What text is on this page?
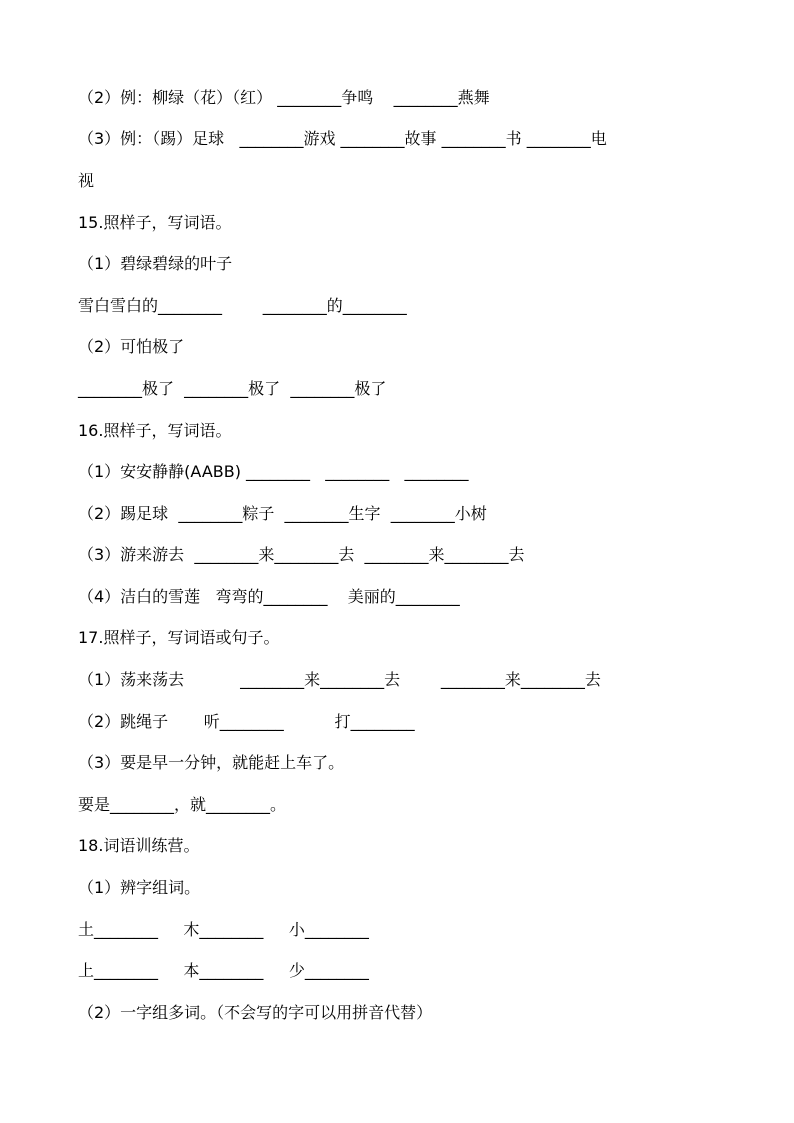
（2）例：柳绿（花）（红） ________争鸣    ________燕舞
（3）例：（踢）足球   ________游戏 ________故事 ________书 ________电
视
15.照样子，写词语。
（1）碧绿碧绿的叶子
雪白雪白的________        ________的________
（2）可怕极了
________极了  ________极了  ________极了
16.照样子，写词语。
（1）安安静静(AABB) ________   ________   ________
（2）踢足球  ________粽子  ________生字  ________小树
（3）游来游去  ________来________去  ________来________去
（4）洁白的雪莲   弯弯的________    美丽的________
17.照样子，写词语或句子。
（1）荡来荡去           ________来________去        ________来________去
（2）跳绳子       听________          打________
（3）要是早一分钟，就能赶上车了。
要是________，就________。
18.词语训练营。
（1）辨字组词。
土________     木________     小________
上________     本________     少________
（2）一字组多词。（不会写的字可以用拼音代替）
